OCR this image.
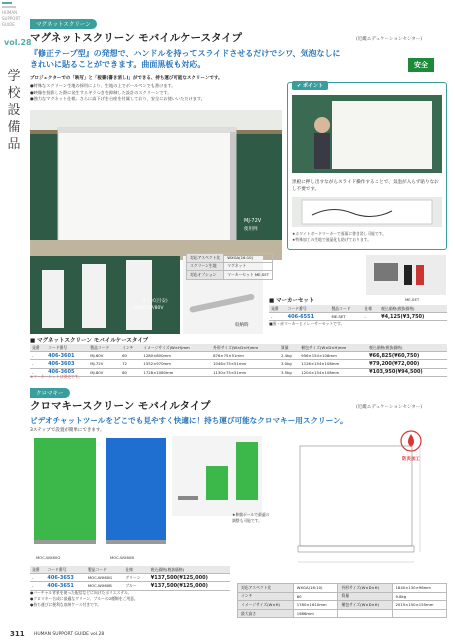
HUMAN
SUPPORT
GUIDE
vol.28
学
校
設
備
品
マグネットスクリーン
マグネットスクリーン モバイルケースタイプ	(近畿エデュケーションセンター)
『修正テープ型』の発想で、ハンドルを持ってスライドさせるだけでシワ、気泡なしに
きれいに貼ることができます。曲面黒板も対応。	安全
プロジェクターでの「映写」と「板書(書き消し)」ができる、持ち運び可能なスクリーンです。
●特殊なスクリーン生地の採用により、生地の上でボールペンでも書けます。
●映像を投影した際に発生するギラつきを抑制した設計のスクリーンです。
●強力なマグネット仕様。さらに高下げを台座を付属しており、安全にお使いいただけます。
MJ-72V
使用例
✔ ポイント
黒板に押し出すながらスライド操作することで、気泡が入らず貼りなおし不要です。
★ホワイトボードマーカーで面面に書き消し可能です。
★特殊加工の生地で液晶化も防げております。
サイズ(目安)
60V/72V/80V
収納時
対応アスペクト比	WXGA(16:10)
スクリーン生地	マグネット
対応オプション	マーカーセット ME-SET
ME-SET
■ マーカーセット
発番	コード番号	製品コード	仕様	税込価格(税抜価格)
-	406-6551	ME-SET	-	¥4,125(¥3,750)
■黒・赤マーカーとイレーサーセットです。
■ マグネットスクリーン モバイルケースタイプ
発番	コード番号	製品コード	インチ	イメージサイズ(W×H)mm	外形サイズ(W×D×H)mm	質量	梱包サイズ(W×D×H)mm	税込価格(税抜価格)
-	406-3601	MJ-60V	60	1280×800mm	876×75×51mm	2.4kg	956×154×108mm	¥66,825(¥60,750)
-	406-3603	MJ-72V	72	1552×970mm	1046×75×51mm	3.0kg	1126×154×108mm	¥79,200(¥72,000)
-	406-3605	MJ-80V	80	1728×1080mm	1130×75×51mm	3.5kg	1204×154×108mm	¥103,950(¥94,500)
※マーカーセットは別売です。
クロマキー
クロマキースクリーン モバイルタイプ	(近畿エデュケーションセンター)
ビデオチャットツールをどこでも見やすく快適に！持ち運び可能なクロマキー用スクリーン。
3ステップで設置が簡単にできます。
防炎加工
MOC-WX60G	MOC-WX60B
★伸縮ポールで最適の調整も可能です。
発番	コード番号	製品コード	仕様	税込価格(税抜価格)
-	406-3653	MOC-WX60G	グリーン	¥137,500(¥125,000)
-	406-3651	MOC-WX60B	ブルー	¥137,500(¥125,000)
●バーチャル背景を使った配信などに向けたポリエステル。
●クロマキー合成に最適なグリーン、ブルーの2種類をご用意。
●持ち運びに便利な収納ケース付きです。
対応アスペクト比	WXGA(16:10)	外形サイズ(W×D×H)	1840×130×96mm
インチ	80	質量	9.8kg
イメージサイズ(W×H)	1780×1610mm	梱包サイズ(W×D×H)	2015×150×155mm
最大高さ	1986mm		
311 HUMAN SUPPORT GUIDE vol.28
